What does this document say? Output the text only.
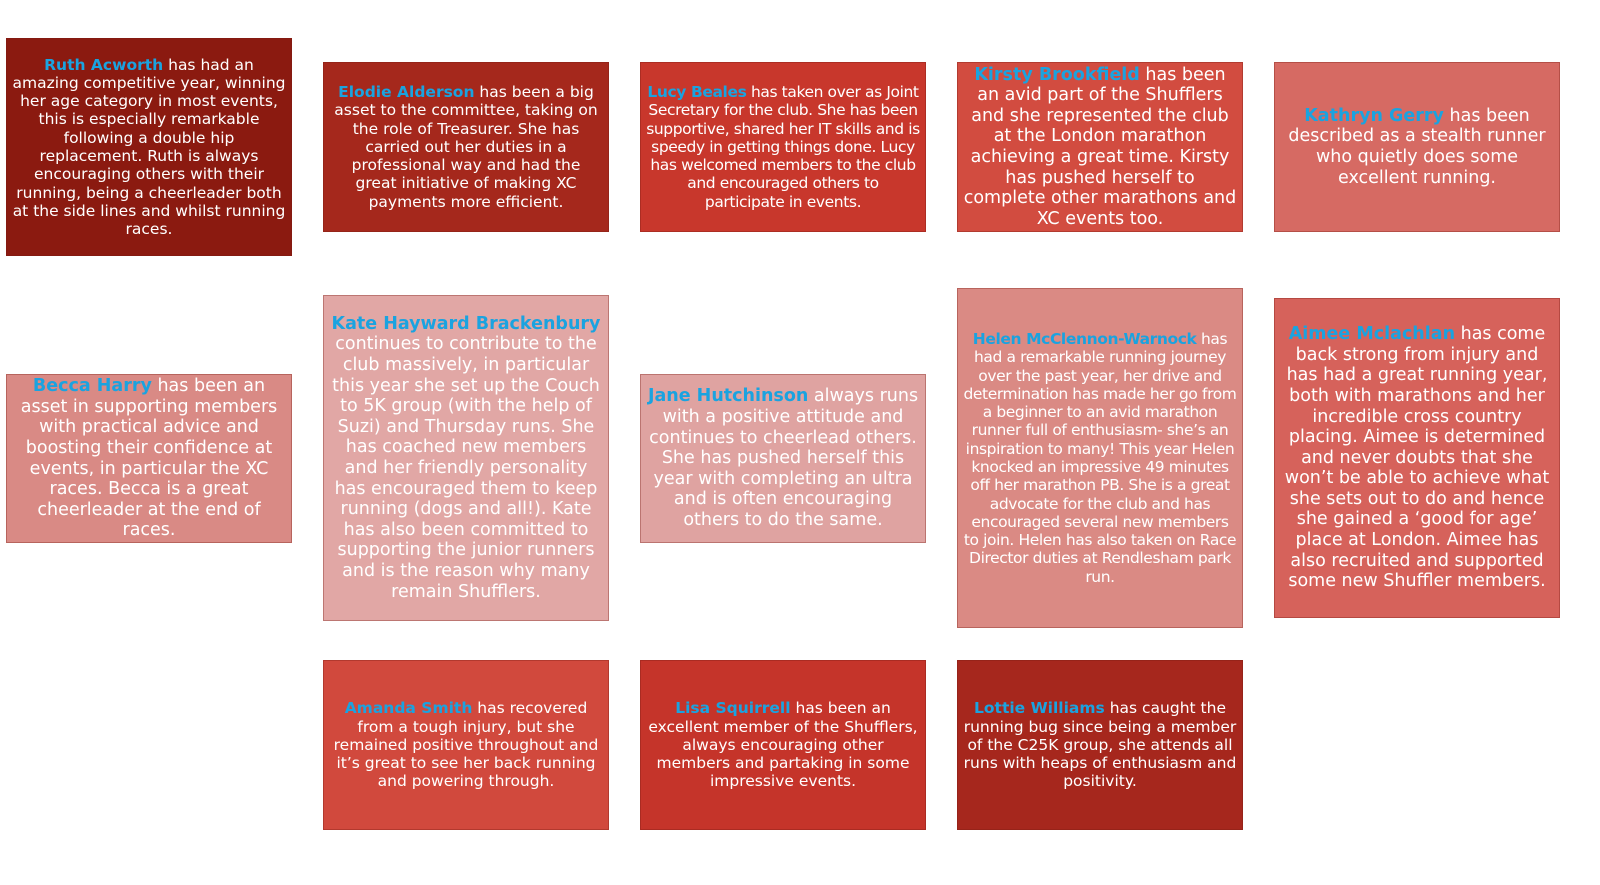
Ruth Acworth has had an amazing competitive year, winning her age category in most events, this is especially remarkable following a double hip replacement. Ruth is always encouraging others with their running, being a cheerleader both at the side lines and whilst running races.

Elodie Alderson has been a big asset to the committee, taking on the role of Treasurer. She has carried out her duties in a professional way and had the great initiative of making XC payments more efficient.

Lucy Beales has taken over as Joint Secretary for the club. She has been supportive, shared her IT skills and is speedy in getting things done. Lucy has welcomed members to the club and encouraged others to participate in events.

Kirsty Brookfield has been an avid part of the Shufflers and she represented the club at the London marathon achieving a great time. Kirsty has pushed herself to complete other marathons and XC events too.

Kathryn Gerry has been described as a stealth runner who quietly does some excellent running.

Becca Harry has been an asset in supporting members with practical advice and boosting their confidence at events, in particular the XC races. Becca is a great cheerleader at the end of races.

Kate Hayward Brackenbury continues to contribute to the club massively, in particular this year she set up the Couch to 5K group (with the help of Suzi) and Thursday runs. She has coached new members and her friendly personality has encouraged them to keep running (dogs and all!). Kate has also been committed to supporting the junior runners and is the reason why many remain Shufflers.

Jane Hutchinson always runs with a positive attitude and continues to cheerlead others. She has pushed herself this year with completing an ultra and is often encouraging others to do the same.

Helen McClennon-Warnock has had a remarkable running journey over the past year, her drive and determination has made her go from a beginner to an avid marathon runner full of enthusiasm- she’s an inspiration to many! This year Helen knocked an impressive 49 minutes off her marathon PB. She is a great advocate for the club and has encouraged several new members to join. Helen has also taken on Race Director duties at Rendlesham park run.

Aimee Mclachlan has come back strong from injury and has had a great running year, both with marathons and her incredible cross country placing. Aimee is determined and never doubts that she won’t be able to achieve what she sets out to do and hence she gained a ‘good for age’ place at London. Aimee has also recruited and supported some new Shuffler members.

Amanda Smith has recovered from a tough injury, but she remained positive throughout and it’s great to see her back running and powering through.

Lisa Squirrell has been an excellent member of the Shufflers, always encouraging other members and partaking in some impressive events.

Lottie Williams has caught the running bug since being a member of the C25K group, she attends all runs with heaps of enthusiasm and positivity.
